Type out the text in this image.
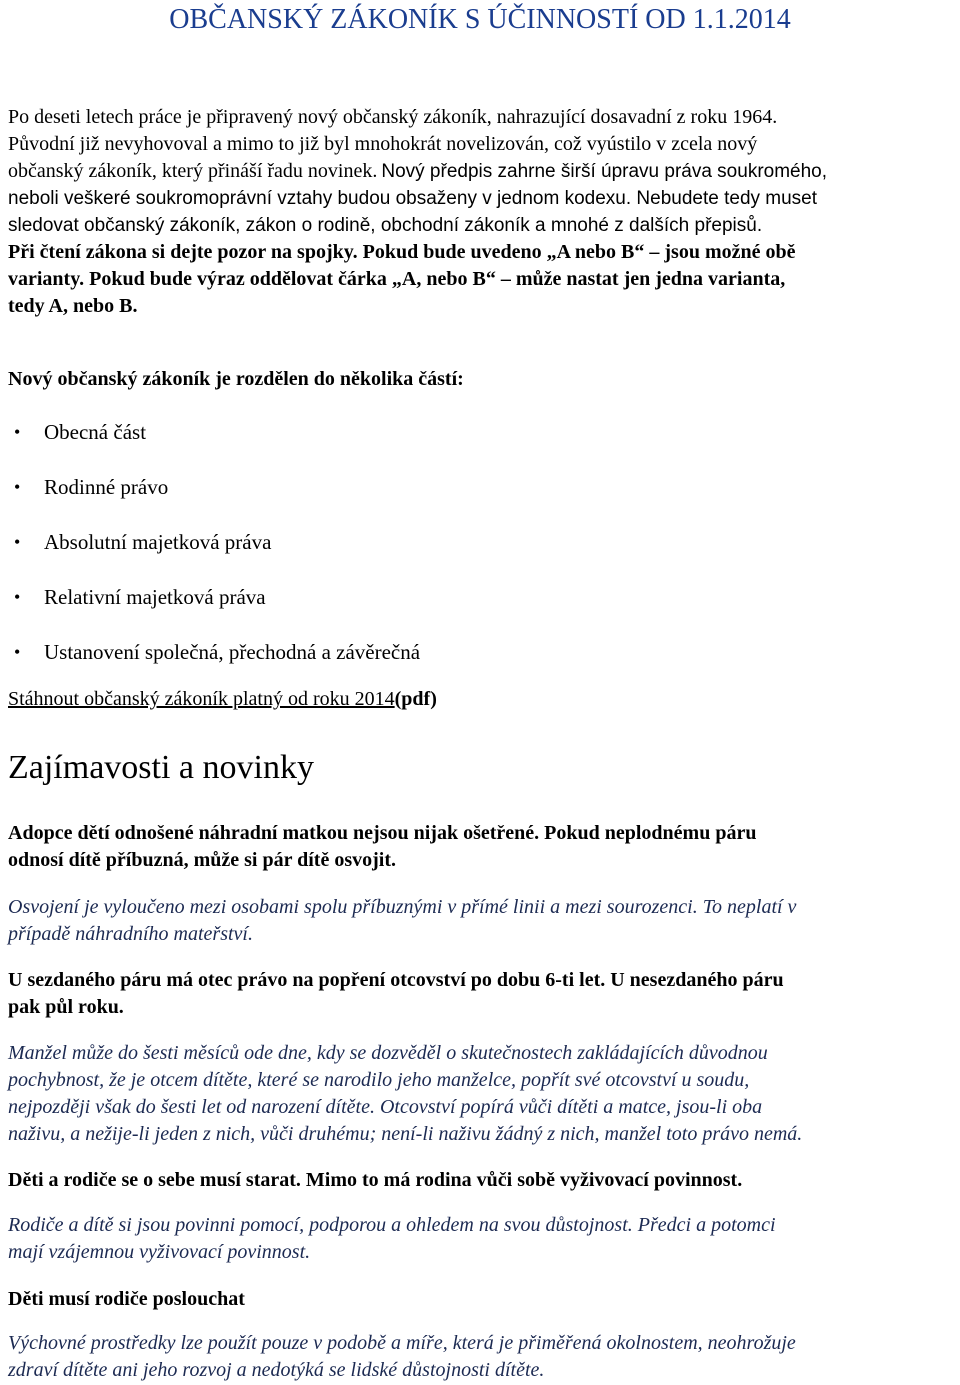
OBČANSKÝ ZÁKONÍK S ÚČINNOSTÍ OD 1.1.2014
Po deseti letech práce je připravený nový občanský zákoník, nahrazující dosavadní z roku 1964.
Původní již nevyhovoval a mimo to již byl mnohokrát novelizován, což vyústilo v zcela nový
občanský zákoník, který přináší řadu novinek. Nový předpis zahrne širší úpravu práva soukromého,
neboli veškeré soukromoprávní vztahy budou obsaženy v jednom kodexu. Nebudete tedy muset
sledovat občanský zákoník, zákon o rodině, obchodní zákoník a mnohé z dalších přepisů.
Při čtení zákona si dejte pozor na spojky. Pokud bude uvedeno „A nebo B“ – jsou možné obě
varianty. Pokud bude výraz oddělovat čárka „A, nebo B“ – může nastat jen jedna varianta,
tedy A, nebo B.
Nový občanský zákoník je rozdělen do několika částí:
• Obecná část
• Rodinné právo
• Absolutní majetková práva
• Relativní majetková práva
• Ustanovení společná, přechodná a závěrečná
Stáhnout občanský zákoník platný od roku 2014(pdf)
Zajímavosti a novinky
Adopce dětí odnošené náhradní matkou nejsou nijak ošetřené. Pokud neplodnému páru
odnosí dítě příbuzná, může si pár dítě osvojit.
Osvojení je vyloučeno mezi osobami spolu příbuznými v přímé linii a mezi sourozenci. To neplatí v
případě náhradního mateřství.
U sezdaného páru má otec právo na popření otcovství po dobu 6-ti let. U nesezdaného páru
pak půl roku.
Manžel může do šesti měsíců ode dne, kdy se dozvěděl o skutečnostech zakládajících důvodnou
pochybnost, že je otcem dítěte, které se narodilo jeho manželce, popřít své otcovství u soudu,
nejpozději však do šesti let od narození dítěte. Otcovství popírá vůči dítěti a matce, jsou-li oba
naživu, a nežije-li jeden z nich, vůči druhému; není-li naživu žádný z nich, manžel toto právo nemá.
Děti a rodiče se o sebe musí starat. Mimo to má rodina vůči sobě vyživovací povinnost.
Rodiče a dítě si jsou povinni pomocí, podporou a ohledem na svou důstojnost. Předci a potomci
mají vzájemnou vyživovací povinnost.
Děti musí rodiče poslouchat
Výchovné prostředky lze použít pouze v podobě a míře, která je přiměřená okolnostem, neohrožuje
zdraví dítěte ani jeho rozvoj a nedotýká se lidské důstojnosti dítěte.
